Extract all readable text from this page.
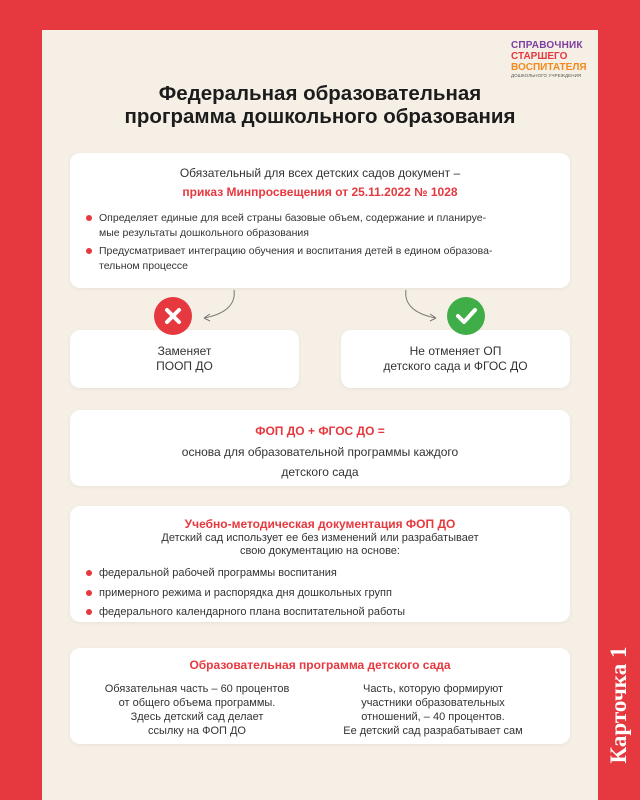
СПРАВОЧНИК
СТАРШЕГО
ВОСПИТАТЕЛЯ
ДОШКОЛЬНОГО УЧРЕЖДЕНИЯ
Федеральная образовательная
программа дошкольного образования
Обязательный для всех детских садов документ –
приказ Минпросвещения от 25.11.2022 № 1028
Определяет единые для всей страны базовые объем, содержание и планируе-
мые результаты дошкольного образования
Предусматривает интеграцию обучения и воспитания детей в едином образова-
тельном процессе
Заменяет
ПООП ДО
Не отменяет ОП
детского сада и ФГОС ДО
ФОП ДО + ФГОС ДО =
основа для образовательной программы каждого
детского сада
Учебно-методическая документация ФОП ДО
Детский сад использует ее без изменений или разрабатывает
свою документацию на основе:
федеральной рабочей программы воспитания
примерного режима и распорядка дня дошкольных групп
федерального календарного плана воспитательной работы
Образовательная программа детского сада
Обязательная часть – 60 процентов
от общего объема программы.
Здесь детский сад делает
ссылку на ФОП ДО
Часть, которую формируют
участники образовательных
отношений, – 40 процентов.
Ее детский сад разрабатывает сам	Карточка 1
